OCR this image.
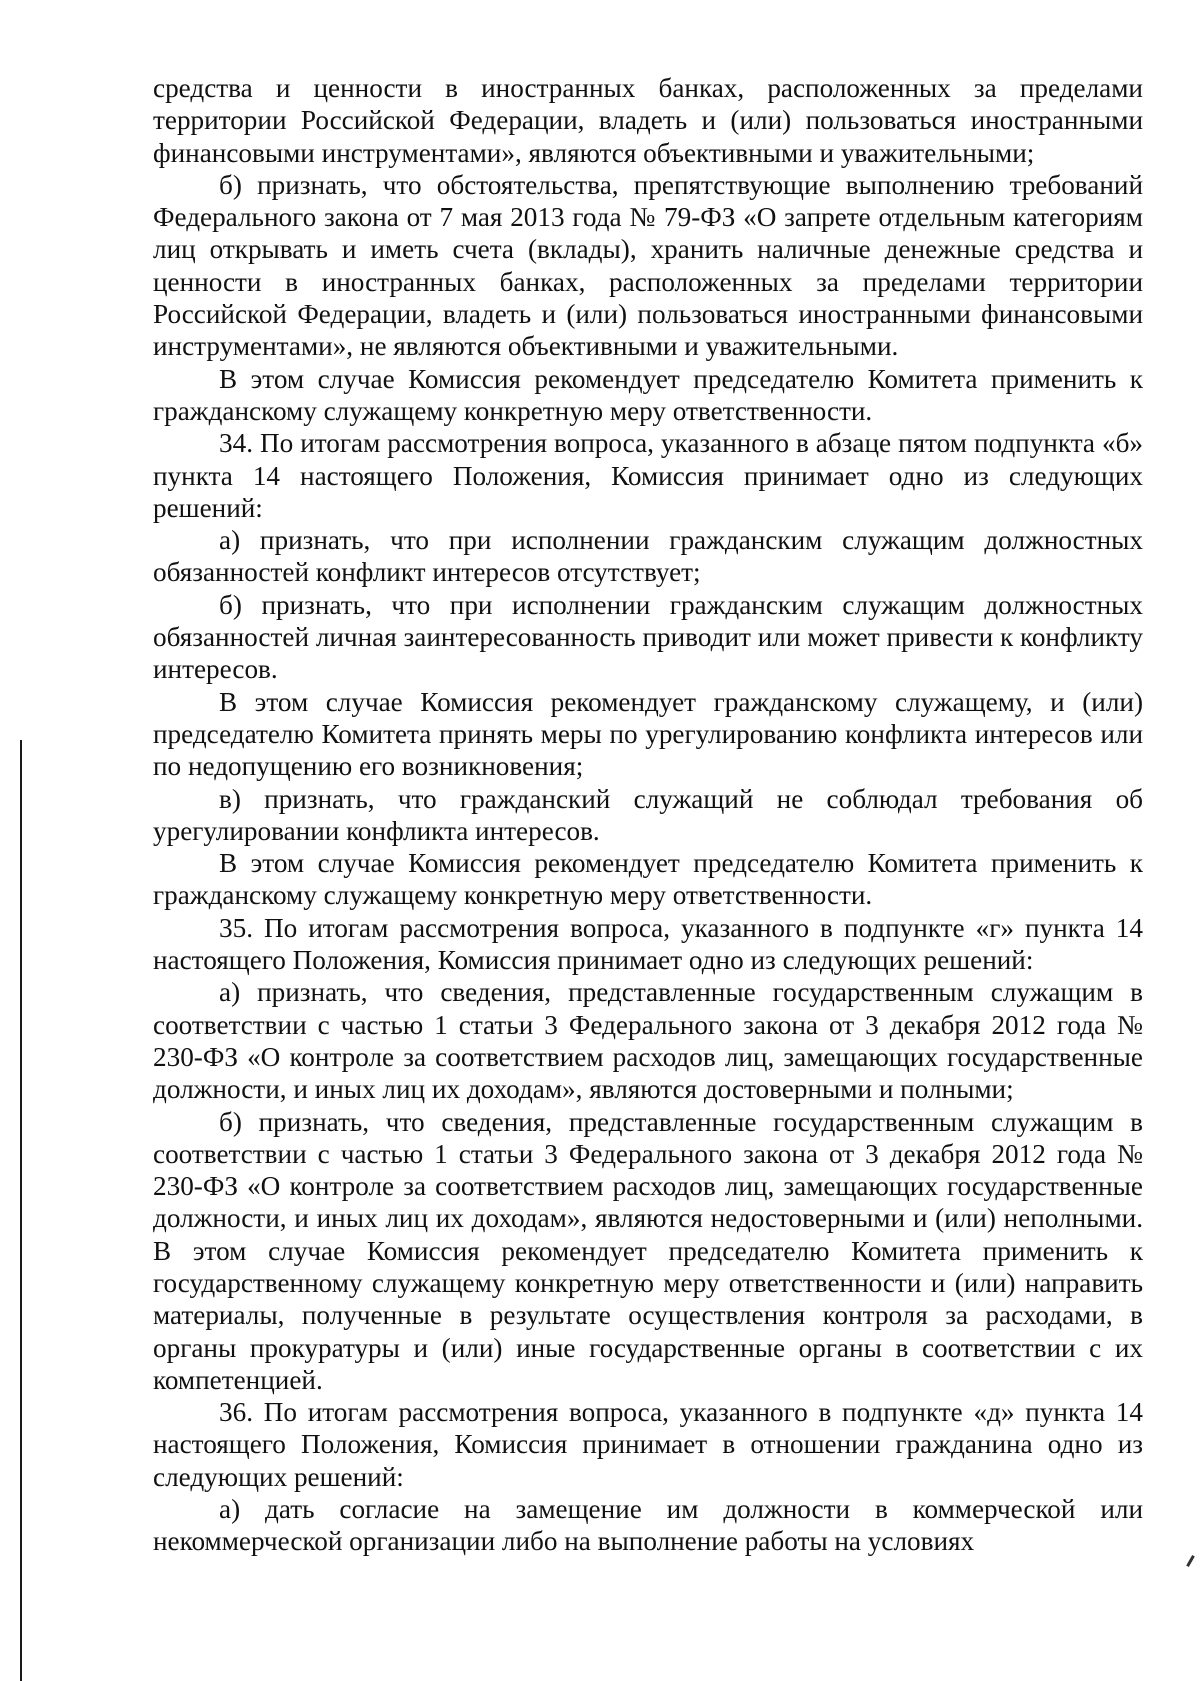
средства и ценности в иностранных банках, расположенных за пределами территории Российской Федерации, владеть и (или) пользоваться иностранными финансовыми инструментами», являются объективными и уважительными;

б) признать, что обстоятельства, препятствующие выполнению требований Федерального закона от 7 мая 2013 года № 79-ФЗ «О запрете отдельным категориям лиц открывать и иметь счета (вклады), хранить наличные денежные средства и ценности в иностранных банках, расположенных за пределами территории Российской Федерации, владеть и (или) пользоваться иностранными финансовыми инструментами», не являются объективными и уважительными.

В этом случае Комиссия рекомендует председателю Комитета применить к гражданскому служащему конкретную меру ответственности.

34. По итогам рассмотрения вопроса, указанного в абзаце пятом подпункта «б» пункта 14 настоящего Положения, Комиссия принимает одно из следующих решений:

а) признать, что при исполнении гражданским служащим должностных обязанностей конфликт интересов отсутствует;

б) признать, что при исполнении гражданским служащим должностных обязанностей личная заинтересованность приводит или может привести к конфликту интересов.

В этом случае Комиссия рекомендует гражданскому служащему, и (или) председателю Комитета принять меры по урегулированию конфликта интересов или по недопущению его возникновения;

в) признать, что гражданский служащий не соблюдал требования об урегулировании конфликта интересов.

В этом случае Комиссия рекомендует председателю Комитета применить к гражданскому служащему конкретную меру ответственности.

35. По итогам рассмотрения вопроса, указанного в подпункте «г» пункта 14 настоящего Положения, Комиссия принимает одно из следующих решений:

а) признать, что сведения, представленные государственным служащим в соответствии с частью 1 статьи 3 Федерального закона от 3 декабря 2012 года № 230-ФЗ «О контроле за соответствием расходов лиц, замещающих государственные должности, и иных лиц их доходам», являются достоверными и полными;

б) признать, что сведения, представленные государственным служащим в соответствии с частью 1 статьи 3 Федерального закона от 3 декабря 2012 года № 230-ФЗ «О контроле за соответствием расходов лиц, замещающих государственные должности, и иных лиц их доходам», являются недостоверными и (или) неполными. В этом случае Комиссия рекомендует председателю Комитета применить к государственному служащему конкретную меру ответственности и (или) направить материалы, полученные в результате осуществления контроля за расходами, в органы прокуратуры и (или) иные государственные органы в соответствии с их компетенцией.

36. По итогам рассмотрения вопроса, указанного в подпункте «д» пункта 14 настоящего Положения, Комиссия принимает в отношении гражданина одно из следующих решений:

а) дать согласие на замещение им должности в коммерческой или некоммерческой организации либо на выполнение работы на условиях
